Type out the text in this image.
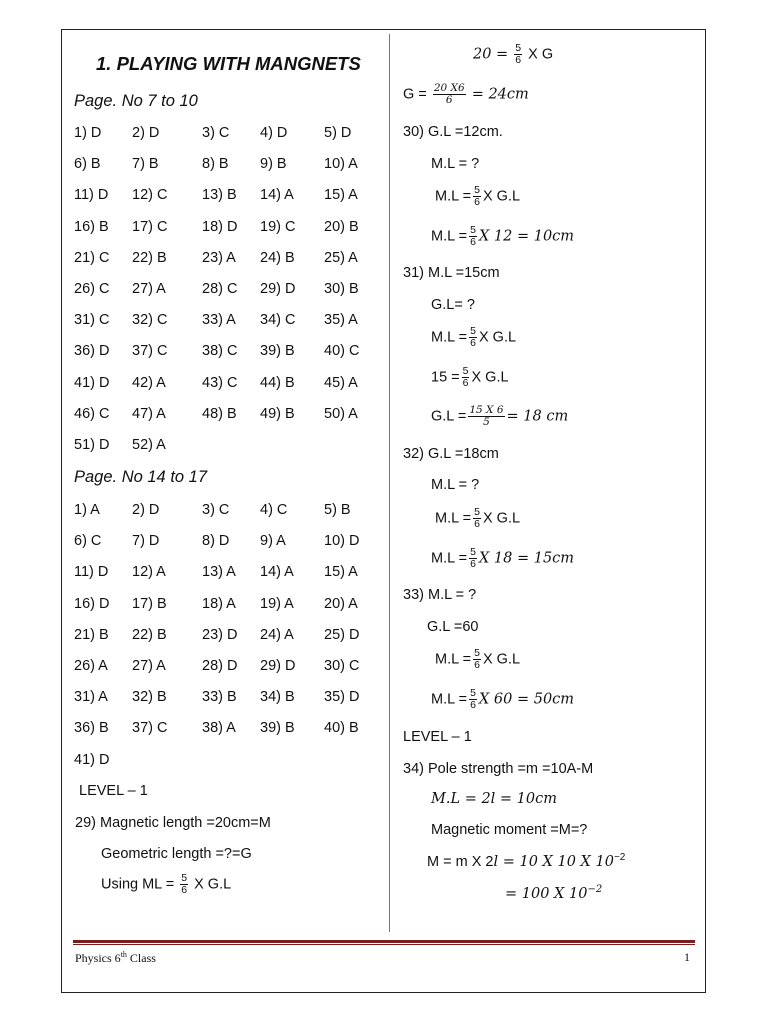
1. PLAYING WITH MANGNETS
Page. No 7 to 10
1) D 2) D	3) C 4) D	5) D
6) B 7) B	8) B 9) B	10) A
11) D 12) C 13) B 14) A 15) A
16) B 17) C 18) D 19) C 20) B
21) C 22) B 23) A 24) B 25) A
26) C 27) A 28) C 29) D 30) B
31) C 32) C 33) A 34) C 35) A
36) D 37) C 38) C 39) B 40) C
41) D 42) A 43) C 44) B 45) A
46) C 47) A 48) B 49) B 50) A
51) D 52) A
Page. No 14 to 17
1) A 2) D	3) C 4) C	5) B
6) C 7) D	8) D 9) A	10) D
11) D 12) A 13) A 14) A 15) A
16) D 17) B 18) A 19) A 20) A
21) B 22) B 23) D 24) A 25) D
26) A 27) A 28) D 29) D 30) C
31) A 32) B 33) B 34) B 35) D
36) B 37) C 38) A 39) B 40) B
41) D
LEVEL – 1
29) Magnetic length =20cm=M
Geometric length =?=G
Using ML = $\frac{5}{6}$ X G.L
$20 = \frac{5}{6}$ X G
$G = \frac{20 X6}{6} = 24cm$
30) G.L =12cm.
M.L = ?
$M.L = \frac{5}{6}$ X G.L
$M.L = \frac{5}{6}$ X 12 = 10cm
31) M.L =15cm
G.L= ?
$M.L = \frac{5}{6}$ X G.L
$15 = \frac{5}{6}$ X G.L
$G.L = \frac{15 X 6}{5} = 18$ cm
32) G.L =18cm
M.L = ?
$M.L = \frac{5}{6}$ X G.L
$M.L = \frac{5}{6}$ X 18 = 15cm
33) M.L = ?
G.L =60
$M.L = \frac{5}{6}$ X G.L
$M.L = \frac{5}{6}$ X 60 = 50cm
LEVEL – 1
34) Pole strength =m =10A-M
M.L = 2l = 10cm
Magnetic moment =M=?
M = m X 2l = 10 X 10 X $10^{-2}$
= 100 X $10^{-2}$
Physics 6th Class	1
